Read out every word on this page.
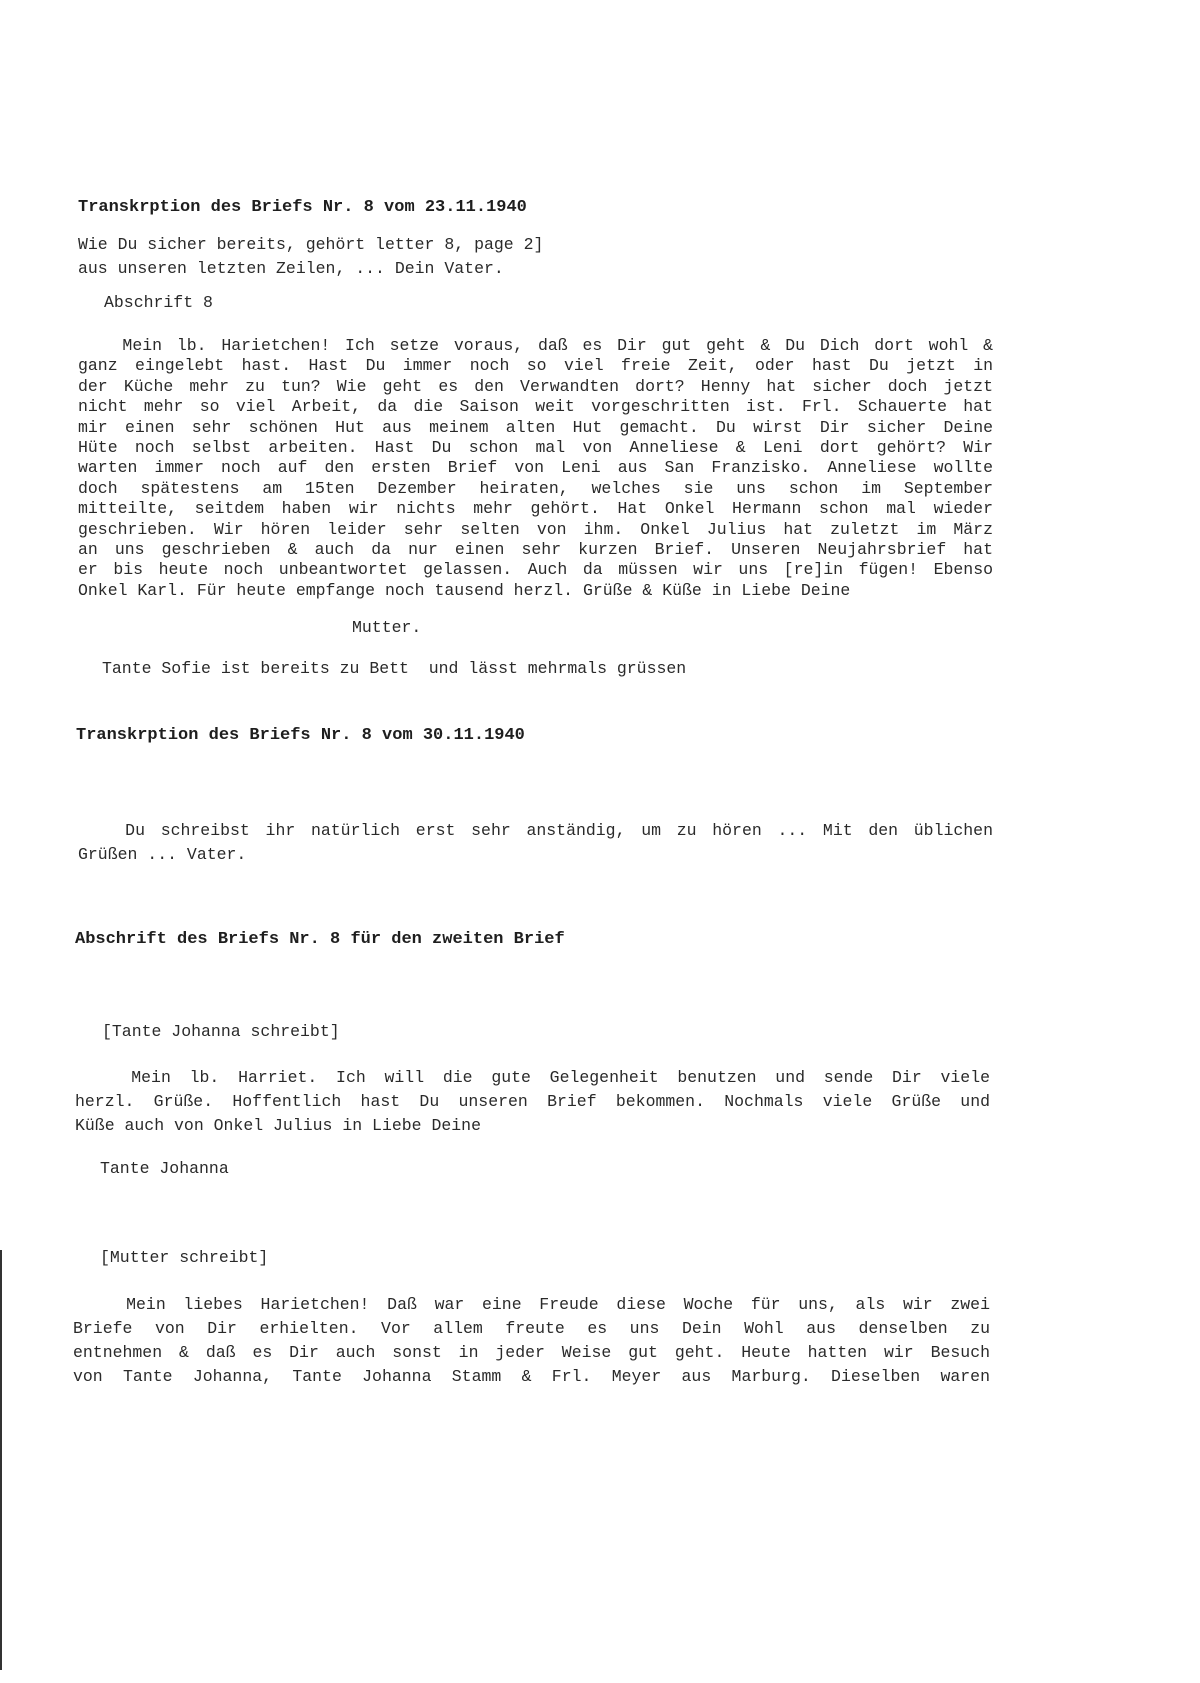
Transkrption des Briefs Nr. 8 vom 23.11.1940
Wie Du sicher bereits, gehört letter 8, page 2]
aus unseren letzten Zeilen, ... Dein Vater.
Abschrift 8
Mein lb. Harietchen! Ich setze voraus, daß es Dir gut geht & Du Dich dort wohl &
ganz eingelebt hast. Hast Du immer noch so viel freie Zeit, oder hast Du jetzt in
der Küche mehr zu tun? Wie geht es den Verwandten dort? Henny hat sicher doch jetzt
nicht mehr so viel Arbeit, da die Saison weit vorgeschritten ist. Frl. Schauerte hat
mir einen sehr schönen Hut aus meinem alten Hut gemacht. Du wirst Dir sicher Deine
Hüte noch selbst arbeiten. Hast Du schon mal von Anneliese & Leni dort gehört? Wir
warten immer noch auf den ersten Brief von Leni aus San Franzisko. Anneliese wollte
doch spätestens am 15ten Dezember heiraten, welches sie uns schon im September
mitteilte, seitdem haben wir nichts mehr gehört. Hat Onkel Hermann schon mal wieder
geschrieben. Wir hören leider sehr selten von ihm. Onkel Julius hat zuletzt im März
an uns geschrieben & auch da nur einen sehr kurzen Brief. Unseren Neujahrsbrief hat
er bis heute noch unbeantwortet gelassen. Auch da müssen wir uns [re]in fügen! Ebenso
Onkel Karl. Für heute empfange noch tausend herzl. Grüße & Küße in Liebe Deine
Mutter.
Tante Sofie ist bereits zu Bett  und lässt mehrmals grüssen
Transkrption des Briefs Nr. 8 vom 30.11.1940
Du schreibst ihr natürlich erst sehr anständig, um zu hören ... Mit den üblichen
Grüßen ... Vater.
Abschrift des Briefs Nr. 8 für den zweiten Brief
[Tante Johanna schreibt]
Mein lb. Harriet. Ich will die gute Gelegenheit benutzen und sende Dir viele
herzl. Grüße. Hoffentlich hast Du unseren Brief bekommen. Nochmals viele Grüße und
Küße auch von Onkel Julius in Liebe Deine
Tante Johanna
[Mutter schreibt]
Mein liebes Harietchen! Daß war eine Freude diese Woche für uns, als wir zwei
Briefe von Dir erhielten. Vor allem freute es uns Dein Wohl aus denselben zu
entnehmen & daß es Dir auch sonst in jeder Weise gut geht. Heute hatten wir Besuch
von Tante Johanna, Tante Johanna Stamm & Frl. Meyer aus Marburg. Dieselben waren
